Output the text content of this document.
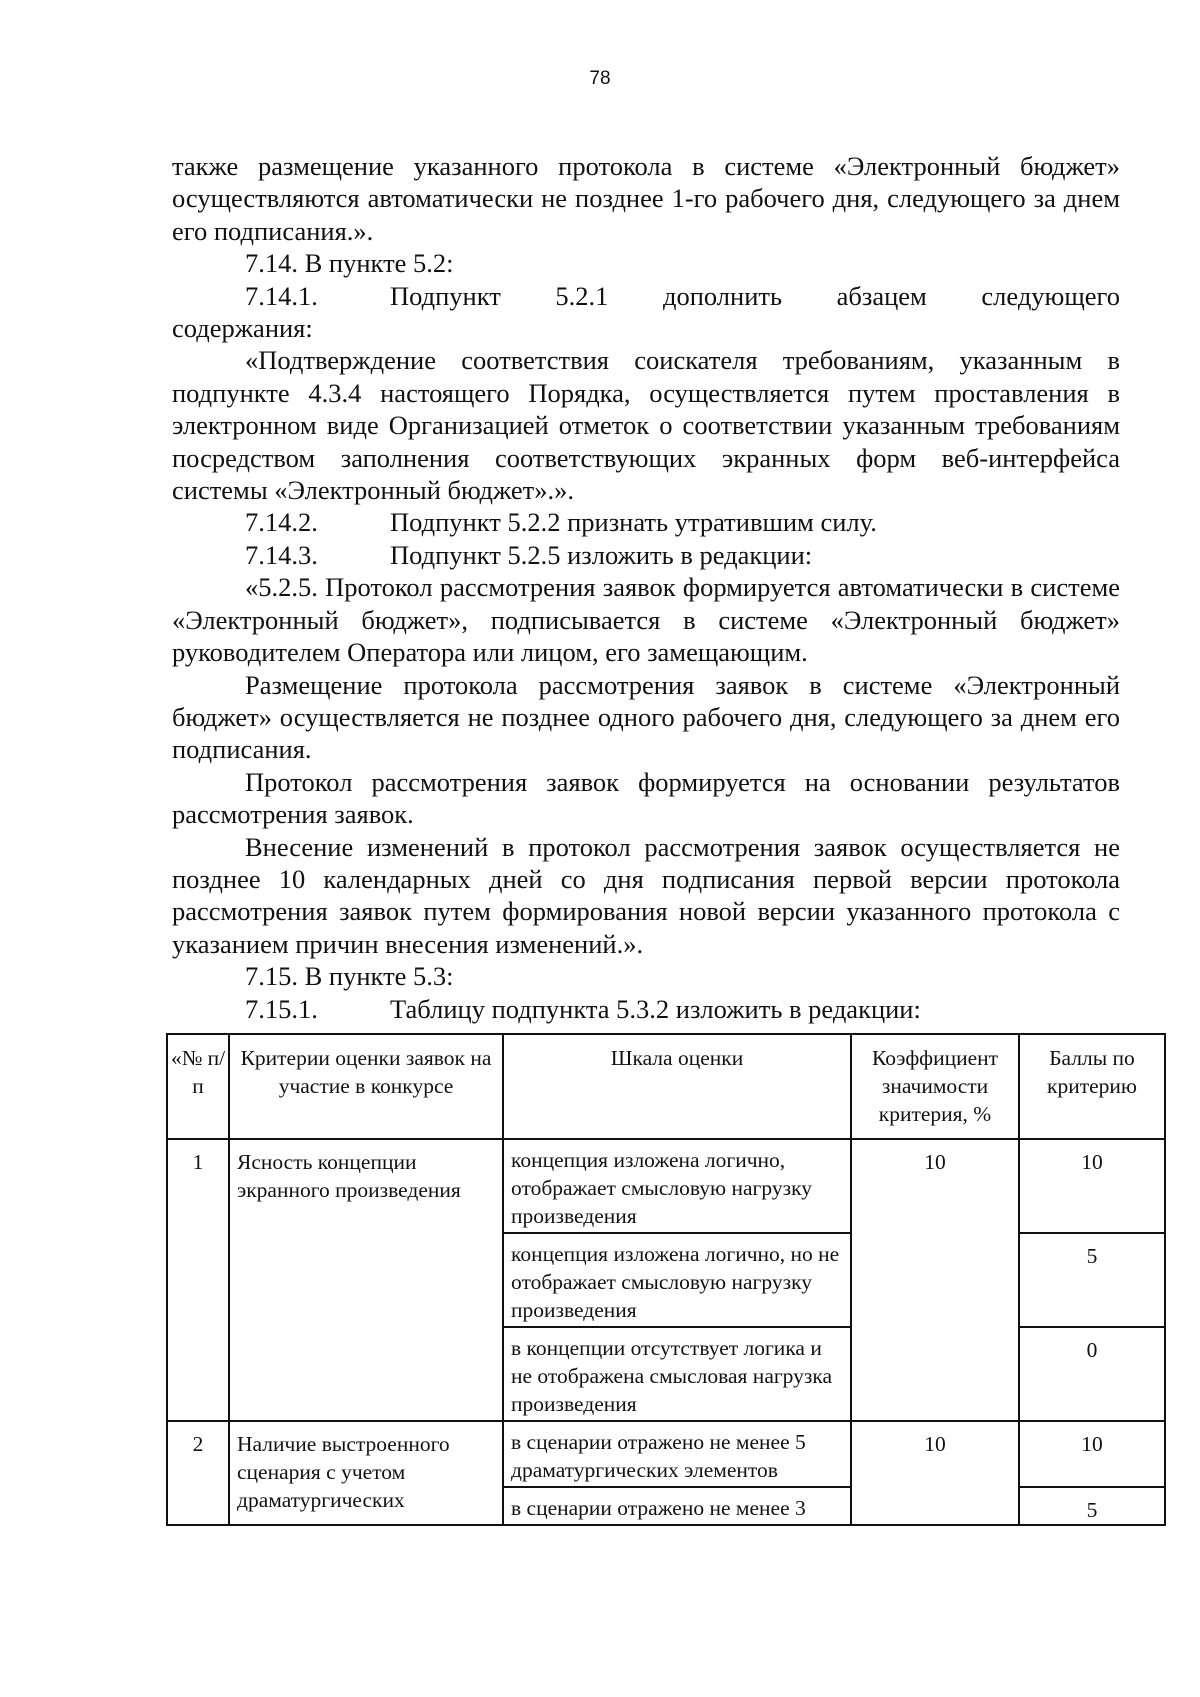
78

также размещение указанного протокола в системе «Электронный бюджет» осуществляются автоматически не позднее 1-го рабочего дня, следующего за днем его подписания.».

7.14. В пункте 5.2:

7.14.1.	Подпункт 5.2.1 дополнить абзацем следующего

содержания:

«Подтверждение соответствия соискателя требованиям, указанным в подпункте 4.3.4 настоящего Порядка, осуществляется путем проставления в электронном виде Организацией отметок о соответствии указанным требованиям посредством заполнения соответствующих экранных форм веб-интерфейса системы «Электронный бюджет».».

7.14.2.	Подпункт 5.2.2 признать утратившим силу.
7.14.3.	Подпункт 5.2.5 изложить в редакции:

«5.2.5. Протокол рассмотрения заявок формируется автоматически в системе «Электронный бюджет», подписывается в системе «Электронный бюджет» руководителем Оператора или лицом, его замещающим.

Размещение протокола рассмотрения заявок в системе «Электронный бюджет» осуществляется не позднее одного рабочего дня, следующего за днем его подписания.

Протокол рассмотрения заявок формируется на основании результатов рассмотрения заявок.

Внесение изменений в протокол рассмотрения заявок осуществляется не позднее 10 календарных дней со дня подписания первой версии протокола рассмотрения заявок путем формирования новой версии указанного протокола с указанием причин внесения изменений.».

7.15. В пункте 5.3:

7.15.1.	Таблицу подпункта 5.3.2 изложить в редакции:
«№ п/п	Критерии оценки заявок на участие в конкурсе	Шкала оценки	Коэффициент значимости критерия, %	Баллы по критерию
1	Ясность концепции экранного произведения	концепция изложена логично, отображает смысловую нагрузку произведения	10	10
		концепция изложена логично, но не отображает смысловую нагрузку произведения		5
		в концепции отсутствует логика и не отображена смысловая нагрузка произведения		0
2	Наличие выстроенного сценария с учетом драматургических	в сценарии отражено не менее 5 драматургических элементов	10	10
		в сценарии отражено не менее 3		5
